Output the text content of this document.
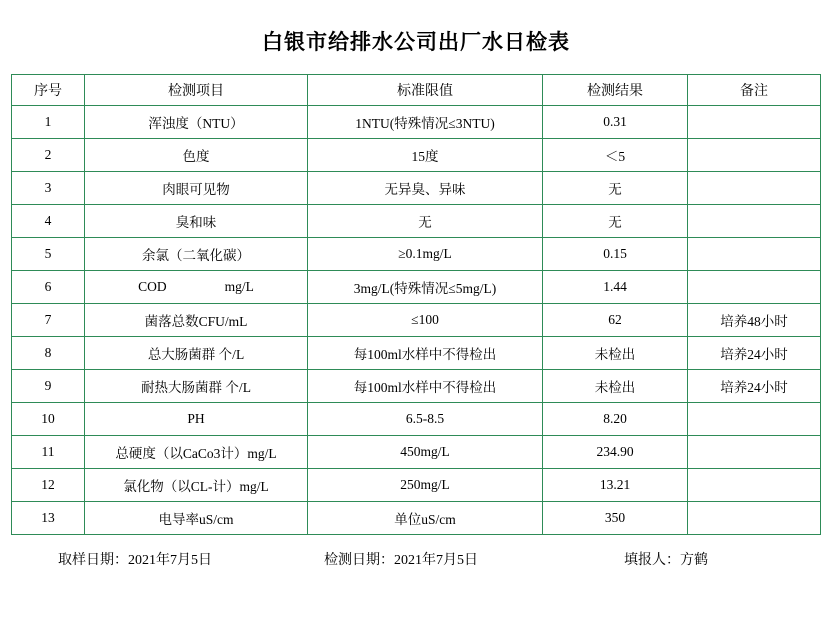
白银市给排水公司出厂水日检表
序号	检测项目	标准限值	检测结果	备注
1	浑浊度（NTU）	1NTU(特殊情况≤3NTU)	0.31	
2	色度	15度	＜5	
3	肉眼可见物	无异臭、异味	无	
4	臭和味	无	无	
5	余氯（二氧化碳）	≥0.1mg/L	0.15	
6	COD mg/L	3mg/L(特殊情况≤5mg/L)	1.44	
7	菌落总数CFU/mL	≤100	62	培养48小时
8	总大肠菌群 个/L	每100ml水样中不得检出	未检出	培养24小时
9	耐热大肠菌群 个/L	每100ml水样中不得检出	未检出	培养24小时
10	PH	6.5-8.5	8.20	
11	总硬度（以CaCo3计）mg/L	450mg/L	234.90	
12	氯化物（以CL-计）mg/L	250mg/L	13.21	
13	电导率uS/cm	单位uS/cm	350	
取样日期：2021年7月5日	检测日期：2021年7月5日	填报人：方鹤
